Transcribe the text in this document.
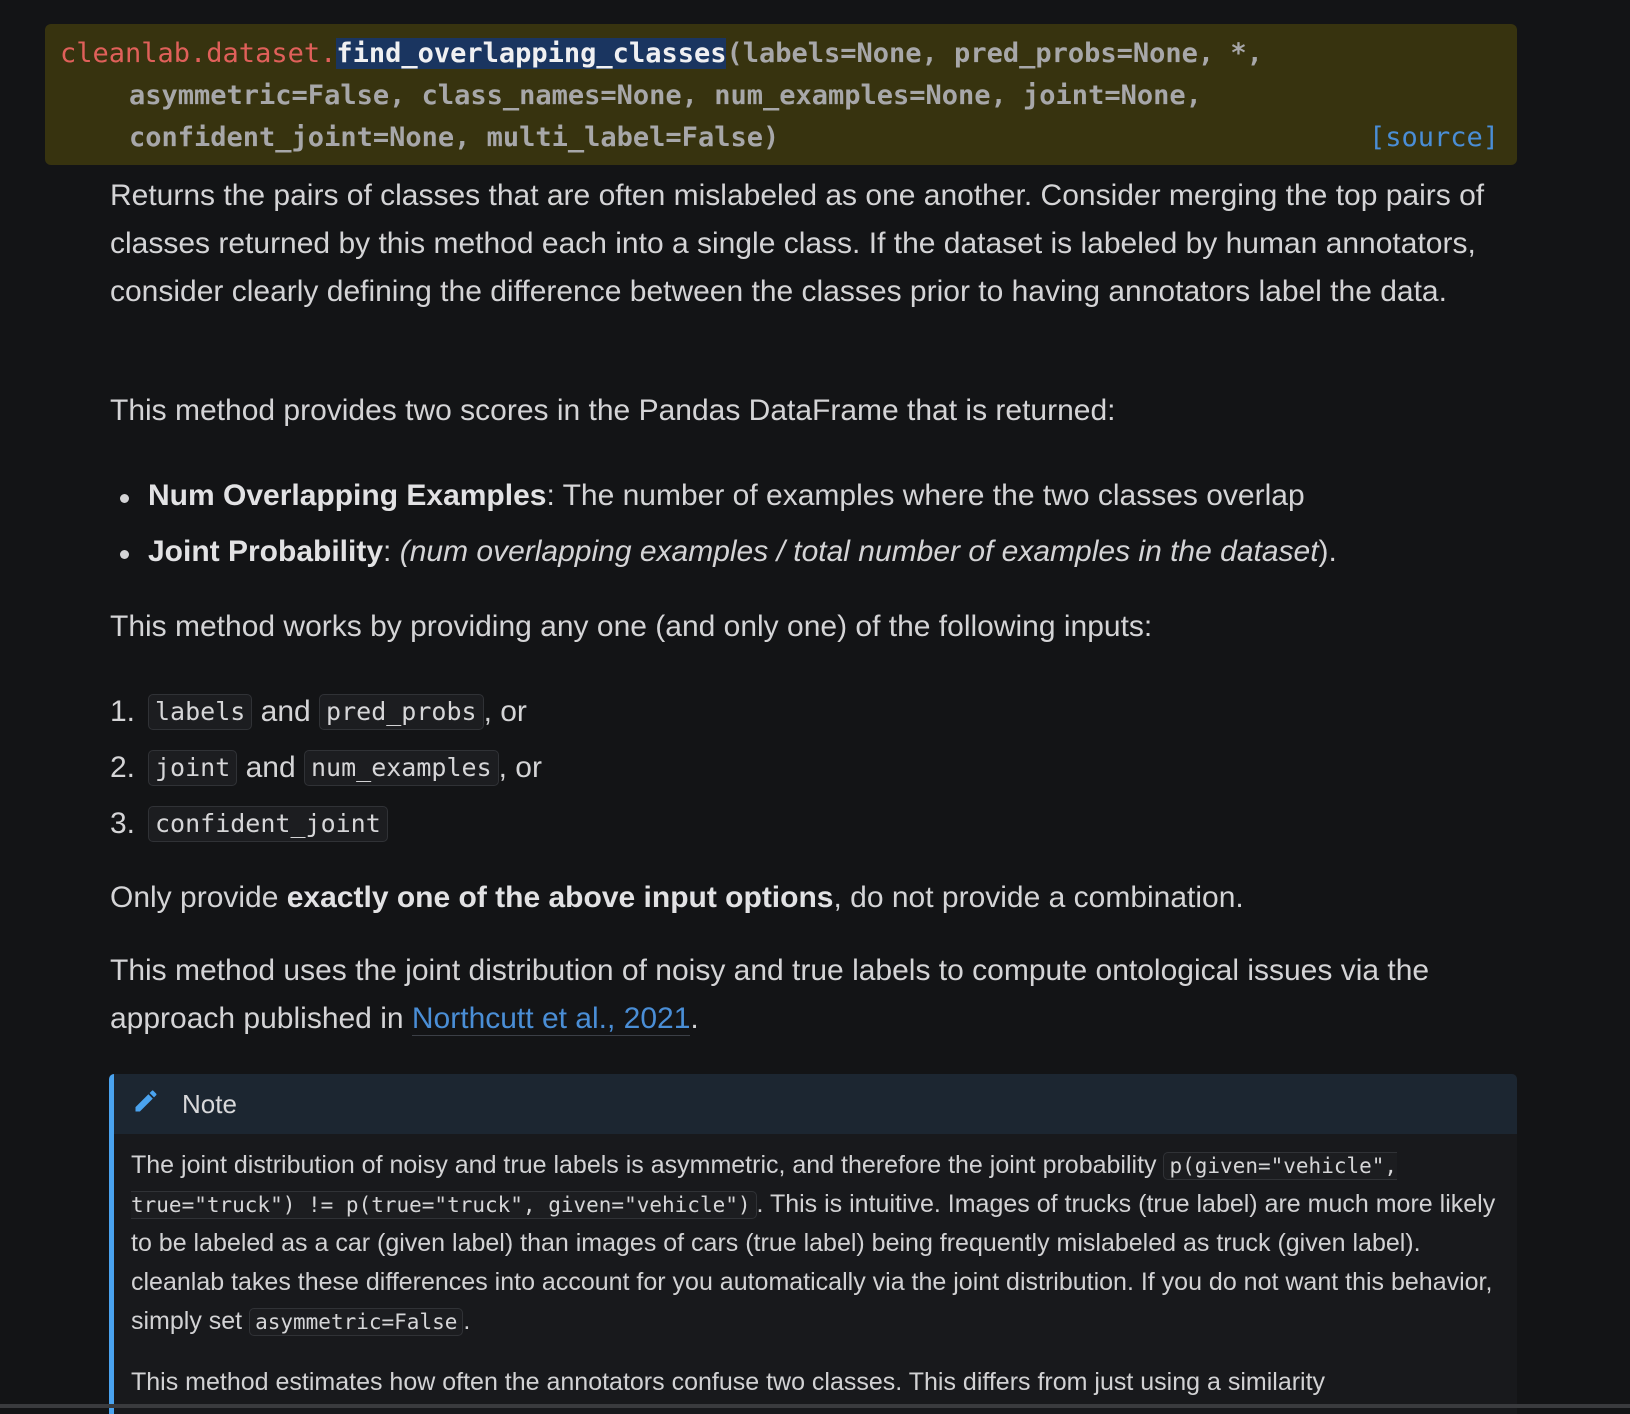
cleanlab.dataset.find_overlapping_classes(labels=None, pred_probs=None, *,
asymmetric=False, class_names=None, num_examples=None, joint=None,
confident_joint=None, multi_label=False)	[source]

Returns the pairs of classes that are often mislabeled as one another. Consider merging the top pairs of classes returned by this method each into a single class. If the dataset is labeled by human annotators, consider clearly defining the difference between the classes prior to having annotators label the data.

This method provides two scores in the Pandas DataFrame that is returned:

Num Overlapping Examples: The number of examples where the two classes overlap
Joint Probability: (num overlapping examples / total number of examples in the dataset).

This method works by providing any one (and only one) of the following inputs:

1. labels and pred_probs , or
2. joint and num_examples , or
3. confident_joint

Only provide exactly one of the above input options, do not provide a combination.

This method uses the joint distribution of noisy and true labels to compute ontological issues via the approach published in Northcutt et al., 2021.

Note

The joint distribution of noisy and true labels is asymmetric, and therefore the joint probability p(given="vehicle", true="truck") != p(true="truck", given="vehicle") . This is intuitive. Images of trucks (true label) are much more likely to be labeled as a car (given label) than images of cars (true label) being frequently mislabeled as truck (given label). cleanlab takes these differences into account for you automatically via the joint distribution. If you do not want this behavior, simply set asymmetric=False .

This method estimates how often the annotators confuse two classes. This differs from just using a similarity
